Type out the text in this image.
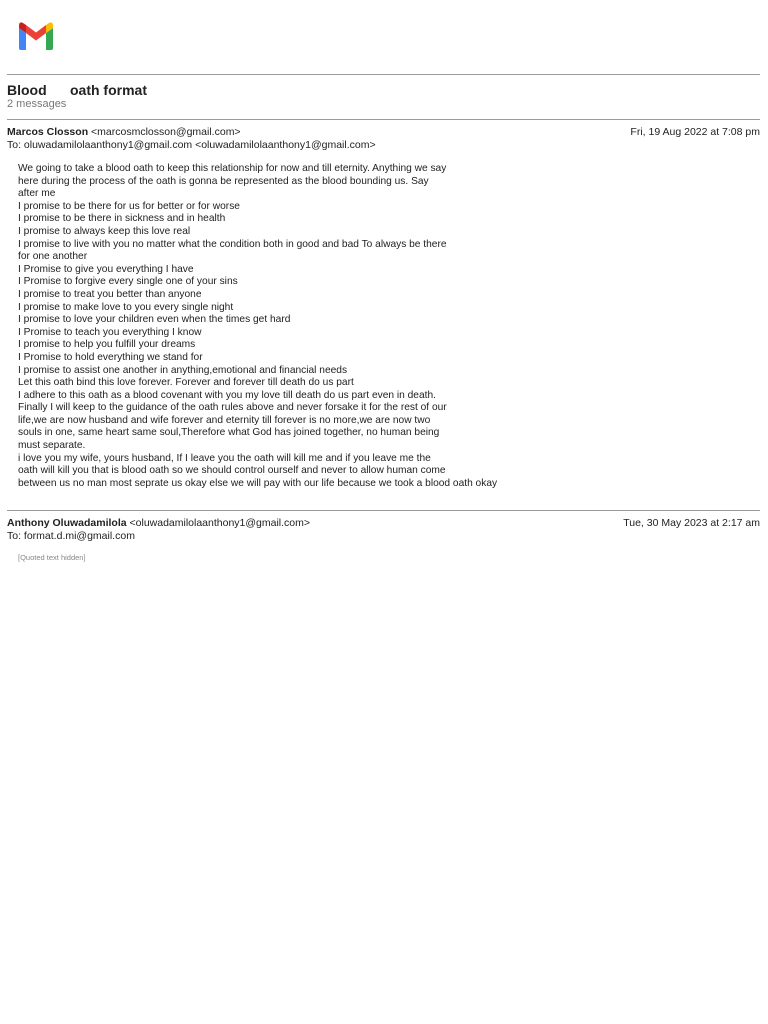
Blood      oath format
2 messages
Marcos Closson <marcosmclosson@gmail.com>	Fri, 19 Aug 2022 at 7:08 pm
To: oluwadamilolaanthony1@gmail.com <oluwadamilolaanthony1@gmail.com>
We going to take a blood oath to keep this relationship for now and till eternity. Anything we say
here during the process of the oath is gonna be represented as the blood bounding us. Say
after me
I promise to be there for us for better or for worse
I promise to be there in sickness and in health
I promise to always keep this love real
I promise to live with you no matter what the condition both in good and bad To always be there
for one another
I Promise to give you everything I have
I Promise to forgive every single one of your sins
I promise to treat you better than anyone
I promise to make love to you every single night
I promise to love your children even when the times get hard
I Promise to teach you everything I know
I promise to help you fulfill your dreams
I Promise to hold everything we stand for
I promise to assist one another in anything,emotional and financial needs
Let this oath bind this love forever. Forever and forever till death do us part
I adhere to this oath as a blood covenant with you my love till death do us part even in death.
Finally I will keep to the guidance of the oath rules above and never forsake it for the rest of our
life,we are now husband and wife forever and eternity till forever is no more,we are now two
souls in one, same heart same soul,Therefore what God has joined together, no human being
must separate.
i love you my wife, yours husband, If I leave you the oath will kill me and if you leave me the
oath will kill you that is blood oath so we should control ourself and never to allow human come
between us no man most seprate us okay else we will pay with our life because we took a blood oath okay
Anthony Oluwadamilola <oluwadamilolaanthony1@gmail.com>	Tue, 30 May 2023 at 2:17 am
To: format.d.mi@gmail.com
[Quoted text hidden]
